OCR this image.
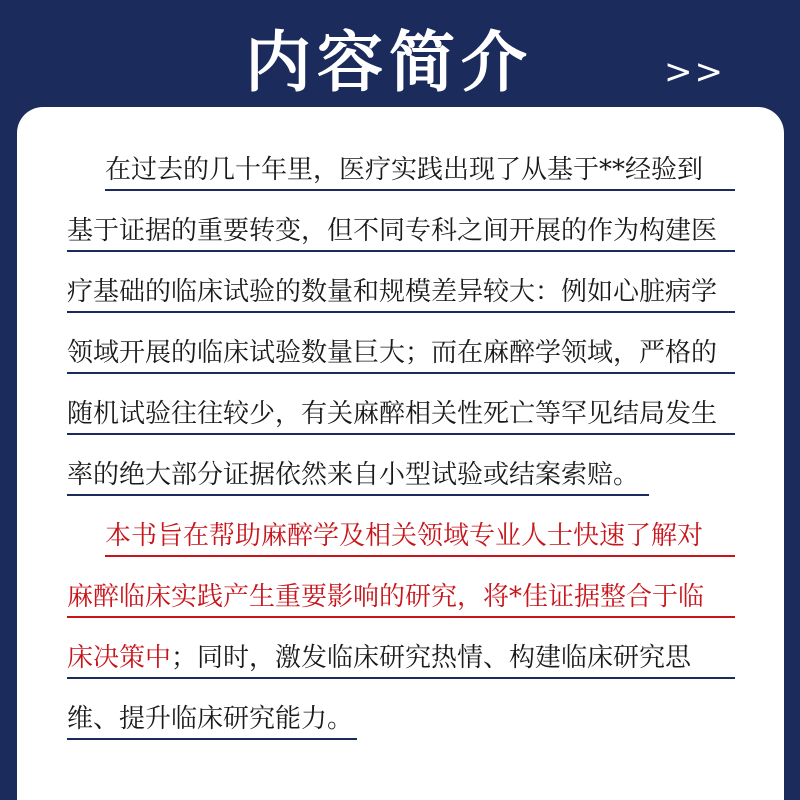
内容简介	>>
在过去的几十年里，医疗实践出现了从基于**经验到
基于证据的重要转变，但不同专科之间开展的作为构建医
疗基础的临床试验的数量和规模差异较大：例如心脏病学
领域开展的临床试验数量巨大；而在麻醉学领域，严格的
随机试验往往较少，有关麻醉相关性死亡等罕见结局发生
率的绝大部分证据依然来自小型试验或结案索赔。
本书旨在帮助麻醉学及相关领域专业人士快速了解对
麻醉临床实践产生重要影响的研究，将*佳证据整合于临
床决策中；同时，激发临床研究热情、构建临床研究思
维、提升临床研究能力。
